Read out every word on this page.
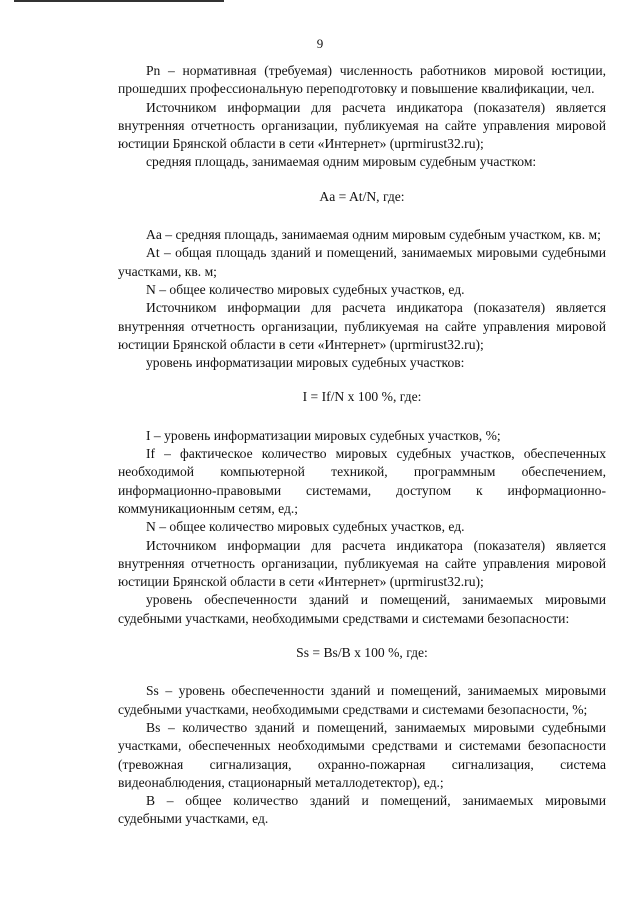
9

Pn – нормативная (требуемая) численность работников мировой юстиции, прошедших профессиональную переподготовку и повышение квалификации, чел.

Источником информации для расчета индикатора (показателя) является внутренняя отчетность организации, публикуемая на сайте управления мировой юстиции Брянской области в сети «Интернет» (uprmirust32.ru);

средняя площадь, занимаемая одним мировым судебным участком:

Aa = At/N, где:

Aa – средняя площадь, занимаемая одним мировым судебным участком, кв. м;

At – общая площадь зданий и помещений, занимаемых мировыми судебными участками, кв. м;

N – общее количество мировых судебных участков, ед.

Источником информации для расчета индикатора (показателя) является внутренняя отчетность организации, публикуемая на сайте управления мировой юстиции Брянской области в сети «Интернет» (uprmirust32.ru);

уровень информатизации мировых судебных участков:

I = If/N х 100 %, где:

I – уровень информатизации мировых судебных участков, %;

If – фактическое количество мировых судебных участков, обеспеченных необходимой компьютерной техникой, программным обеспечением, информационно-правовыми системами, доступом к информационно-коммуникационным сетям, ед.;

N – общее количество мировых судебных участков, ед.

Источником информации для расчета индикатора (показателя) является внутренняя отчетность организации, публикуемая на сайте управления мировой юстиции Брянской области в сети «Интернет» (uprmirust32.ru);

уровень обеспеченности зданий и помещений, занимаемых мировыми судебными участками, необходимыми средствами и системами безопасности:

Ss = Bs/B х 100 %, где:

Ss – уровень обеспеченности зданий и помещений, занимаемых мировыми судебными участками, необходимыми средствами и системами безопасности, %;

Bs – количество зданий и помещений, занимаемых мировыми судебными участками, обеспеченных необходимыми средствами и системами безопасности (тревожная сигнализация, охранно-пожарная сигнализация, система видеонаблюдения, стационарный металлодетектор), ед.;

B – общее количество зданий и помещений, занимаемых мировыми судебными участками, ед.
